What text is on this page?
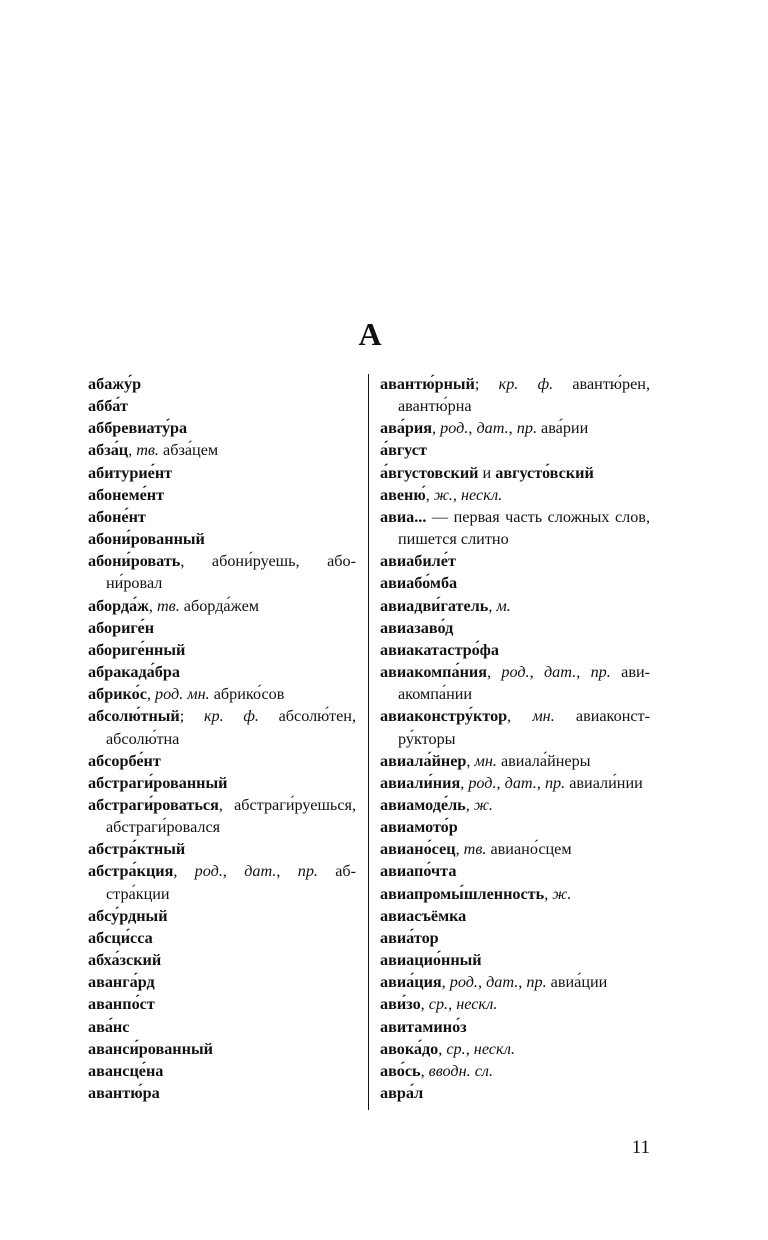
А
абажу́р
абба́т
аббревиату́ра
абза́ц, тв. абза́цем
абитурие́нт
абонеме́нт
абоне́нт
абони́рованный
абони́ровать, абони́руешь, абони́ровал
аборда́ж, тв. аборда́жем
абориге́н
абориге́нный
абракада́бра
абрико́с, род. мн. абрико́сов
абсолю́тный; кр. ф. абсолю́тен, абсолю́тна
абсорбе́нт
абстраги́рованный
абстраги́роваться, абстраги́руешься, абстраги́ровался
абстра́ктный
абстра́кция, род., дат., пр. абстра́кции
абсу́рдный
абсци́сса
абха́зский
аванга́рд
аванпо́ст
ава́нс
аванси́рованный
авансце́на
авантю́ра
авантю́рный; кр. ф. авантю́рен, авантю́рна
ава́рия, род., дат., пр. ава́рии
а́вгуст
а́вгустовский и августо́вский
авеню́, ж., нескл.
авиа... — первая часть сложных слов, пишется слитно
авиабиле́т
авиабо́мба
авиадви́гатель, м.
авиазаво́д
авиакатастро́фа
авиакомпа́ния, род., дат., пр. авиакомпа́нии
авиаконстру́ктор, мн. авиаконстру́кторы
авиала́йнер, мн. авиала́йнеры
авиали́ния, род., дат., пр. авиали́нии
авиамоде́ль, ж.
авиамото́р
авиано́сец, тв. авиано́сцем
авиапо́чта
авиапромы́шленность, ж.
авиасъёмка
авиа́тор
авиацио́нный
авиа́ция, род., дат., пр. авиа́ции
ави́зо, ср., нескл.
авитамино́з
авока́до, ср., нескл.
аво́сь, вводн. сл.
авра́л
11
